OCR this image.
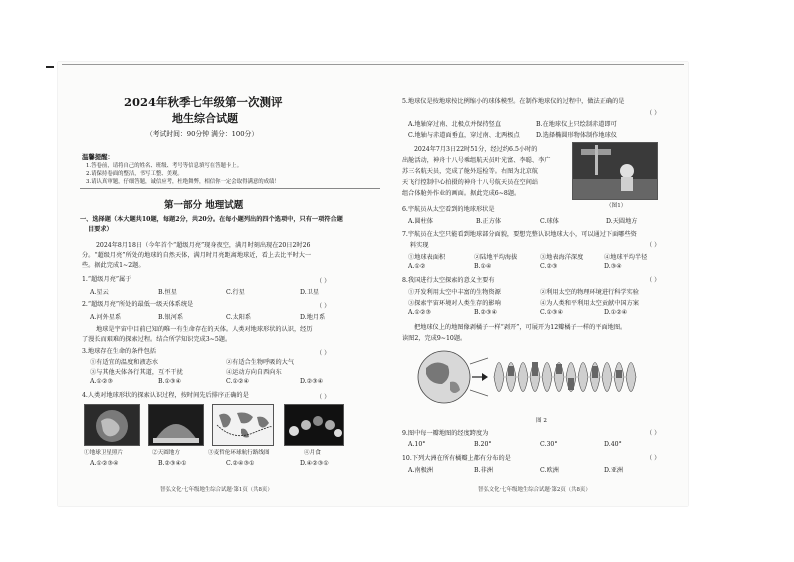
2024年秋季七年级第一次测评
地生综合试题
（考试时间：90分钟 满分：100分）
温馨提醒：
1.答卷前，请将自己的姓名、班级、考号等信息填写在答题卡上。
2.请保持卷面的整洁，书写工整、美观。
3.请认真审题，仔细答题，诚信应考，杜绝舞弊，相信你一定会取得满意的成绩！
第一部分 地理试题
一、选择题（本大题共10题，每题2分，共20分。在每小题列出的四个选项中，只有一项符合题
目要求）
2024年8月18日（今年首个“超级月亮”现身夜空，满月时刻出现在20日2时26
分。“超级月亮”所处的地球的自然天体，满月时月亮距离地球近，看上去比平时大一
些。据此完成1~2题。
1.“超级月亮”属于	（ ）
A.星云	B.恒星	C.行星	D.卫星
2.“超级月亮”所处的最低一级天体系统是	（ ）
A.河外星系	B.银河系	C.太阳系	D.地月系
地球是宇宙中目前已知的唯一有生命存在的天体。人类对地球形状的认识，经历
了漫长而艰难的探索过程。结合所学知识完成3~5题。
3.地球存在生命的条件包括	（ ）
①有适宜的温度和液态水	②有适合生物呼吸的大气
③与其他天体各行其道，互不干扰	④运动方向自西向东
A.①②③	B.①③④	C.①②④	D.②③④
4.人类对地球形状的探索认识过程，按时间先后排序正确的是	（ ）
①地球卫星照片	②天圆地方	③麦哲伦环球航行路线图	④月食
A.①②③④	B.②③④①	C.②④③①	D.④②③①
智弘文化·七年级地生综合试题·第1页（共8页）
5.地球仪是按地球按比例缩小的球体模型。在制作地球仪的过程中，做法正确的是
（ ）
A.地轴穿过南、北极点并保持竖直	B.在地球仪上只绘制赤道即可
C.地轴与赤道面垂直，穿过南、北两极点	D.选择椭圆形物体制作地球仪
2024年7月3日22时51分，经过约6.5小时的
出舱活动，神舟十八号乘组航天员叶光富、李聪、李广
苏三名航天员，完成了舱外巡检等。右图为北京航
天飞行控制中心拍摄的神舟十八号航天员在空间站
组合体舱外作业的画面。据此完成6~8题。
（图1）
6.宇航员从太空看到的地球形状是
A.圆柱体	B.正方体	C.球体	D.天圆地方
7.宇航员在太空只能看到地球部分面貌，要想完整认识地球大小，可以通过下面哪些资
料实现	（ ）
①地球表面积	②陆地平均海拔	③地表海洋深度	④地球平均半径
A.①②	B.①④	C.②③	D.③④
8.我国进行太空探索的意义主要有	（ ）
①开发利用太空中丰富的生物资源	②利用太空的物理环境进行科学实验
③探索宇宙环境对人类生存的影响	④为人类和平利用太空贡献中国方案
A.①②③	B.②③④	C.①③④	D.①②④
把地球仪上的地图像剥橘子一样“剥开”，可展开为12瓣橘子一样的平面地图。
读图2，完成9~10题。
图 2
9.图中每一瓣地图的经度跨度为	（ ）
A.10°	B.20°	C.30°	D.40°
10.下列大洲在所有橘瓣上都有分布的是	（ ）
A.南极洲	B.非洲	C.欧洲	D.亚洲
智弘文化·七年级地生综合试题·第2页（共8页）
